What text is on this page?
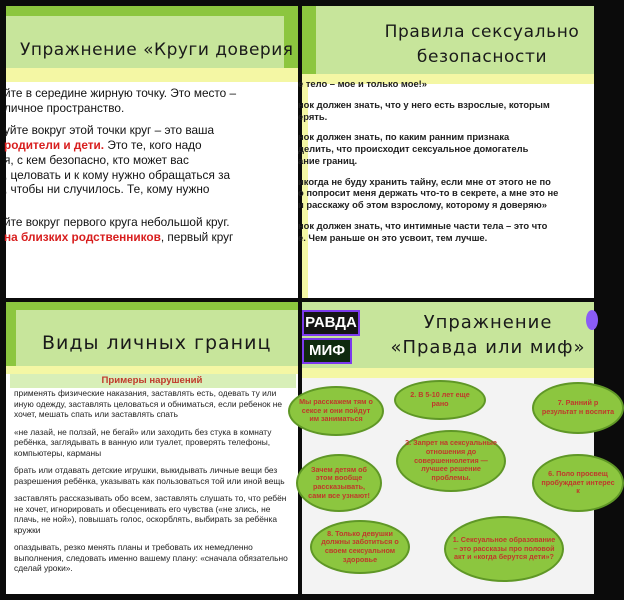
Упражнение «Круги доверия

йте в середине жирную точку. Это место –
личное пространство.

уйте вокруг этой точки круг – это ваша
родители и дети. Это те, кого надо
я, с кем безопасно, кто может вас
, целовать и к кому нужно обращаться за
, чтобы ни случилось. Те, кому нужно

йте вокруг первого круга небольшой круг.
на близких родственников, первый круг

Правила сексуально
безопасности

е тело – мое и только мое!»

нок должен знать, что у него есть взрослые, которым
ерять.

нок должен знать, по каким ранним признака
делить, что происходит сексуальное домогатель
ание границ.

икогда не буду хранить тайну, если мне от этого не по
о попросит меня держать что-то в секрете, а мне это не
и расскажу об этом взрослому, которому я доверяю»

нок должен знать, что интимные части тела – это что
е. Чем раньше он это усвоит, тем лучше.

Виды личных границ
Примеры нарушений

применять физические наказания, заставлять есть, одевать ту или иную одежду, заставлять целоваться и обниматься, если ребенок не хочет, мешать спать или заставлять спать

«не лазай, не ползай, не бегай» или заходить без стука в комнату ребёнка, заглядывать в ванную или туалет, проверять телефоны, компьютеры, карманы

брать или отдавать детские игрушки, выкидывать личные вещи без разрешения ребёнка, указывать как пользоваться той или иной вещь

заставлять рассказывать обо всем, заставлять слушать то, что ребён не хочет, игнорировать и обесценивать его чувства («не злись, не плачь, не ной»), повышать голос, оскорблять, выбирать за ребёнка кружки

опаздывать, резко менять планы и требовать их немедленно выполнения, следовать именно вашему плану: «сначала обязательно сделай уроки».

РАВДА
МИФ
Упражнение
«Правда или миф»
Мы расскажем тям о сексе и они пойдут им заниматься
2. В 5-10 лет еще рано	7. Ранний р результат н воспита
3. Запрет на сексуальные отношения до совершеннолетия — лучшее решение проблемы.
Зачем детям об этом вообще рассказывать, сами все узнают!
6. Поло просвещ пробуждает интерес к
8. Только девушки должны заботиться о своем сексуальном здоровье
1. Сексуальное образование – это рассказы про половой акт и «когда берутся дети»?
